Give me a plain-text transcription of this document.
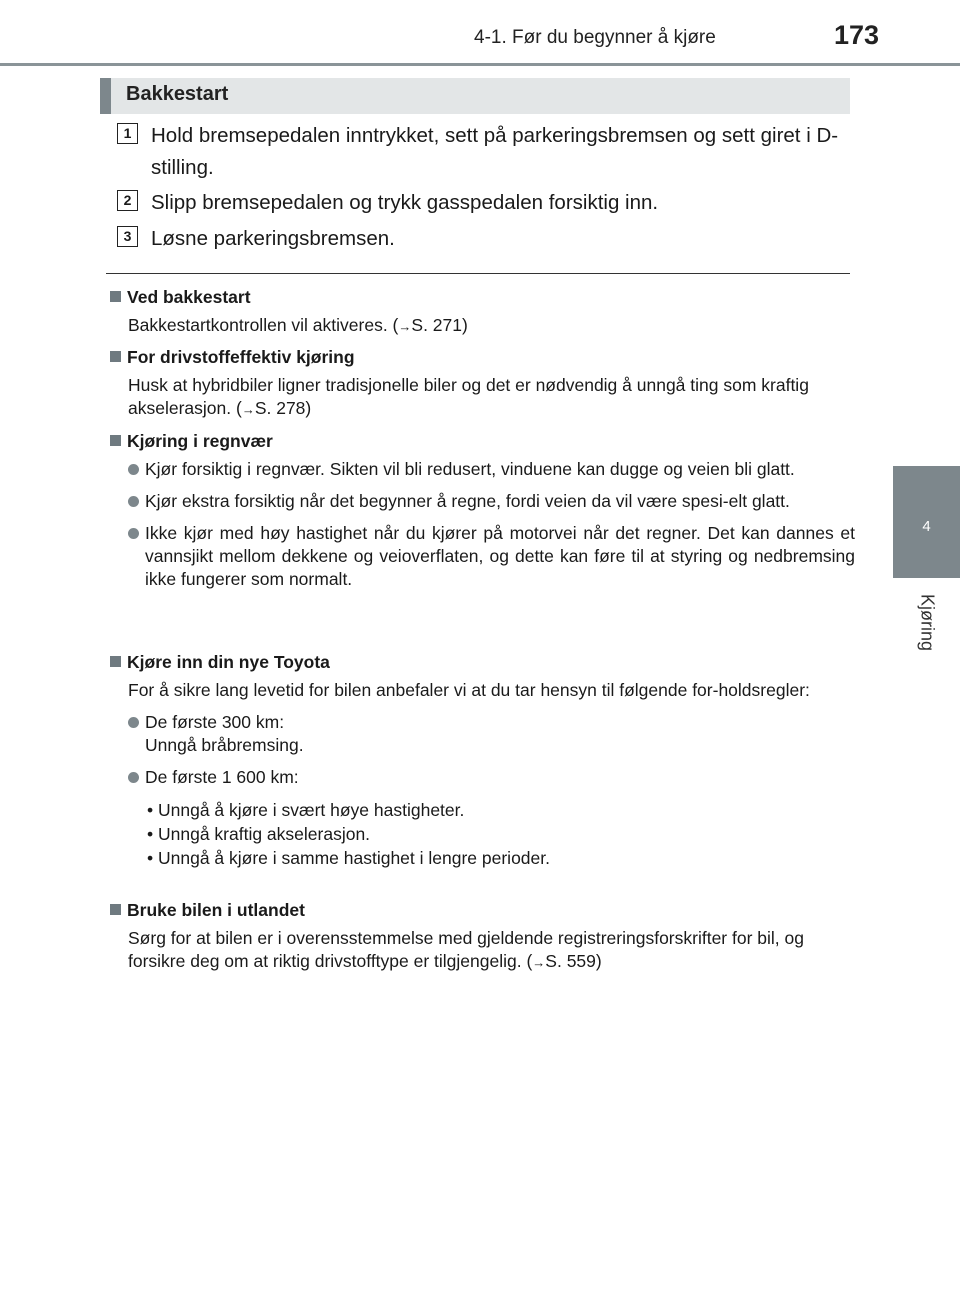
4-1. Før du begynner å kjøre	173
4
Kjøring
Bakkestart
1 Hold bremsepedalen inntrykket, sett på parkeringsbremsen og sett giret i D-stilling.
2 Slipp bremsepedalen og trykk gasspedalen forsiktig inn.
3 Løsne parkeringsbremsen.
Ved bakkestart
Bakkestartkontrollen vil aktiveres. (→S. 271)
For drivstoffeffektiv kjøring
Husk at hybridbiler ligner tradisjonelle biler og det er nødvendig å unngå ting som kraftig akselerasjon. (→S. 278)
Kjøring i regnvær
Kjør forsiktig i regnvær. Sikten vil bli redusert, vinduene kan dugge og veien bli glatt.
Kjør ekstra forsiktig når det begynner å regne, fordi veien da vil være spesi-elt glatt.
Ikke kjør med høy hastighet når du kjører på motorvei når det regner. Det kan dannes et vannsjikt mellom dekkene og veioverflaten, og dette kan føre til at styring og nedbremsing ikke fungerer som normalt.
Kjøre inn din nye Toyota
For å sikre lang levetid for bilen anbefaler vi at du tar hensyn til følgende for-holdsregler:
De første 300 km:
Unngå bråbremsing.
De første 1 600 km:
• Unngå å kjøre i svært høye hastigheter.
• Unngå kraftig akselerasjon.
• Unngå å kjøre i samme hastighet i lengre perioder.
Bruke bilen i utlandet
Sørg for at bilen er i overensstemmelse med gjeldende registreringsforskrifter for bil, og forsikre deg om at riktig drivstofftype er tilgjengelig. (→S. 559)
